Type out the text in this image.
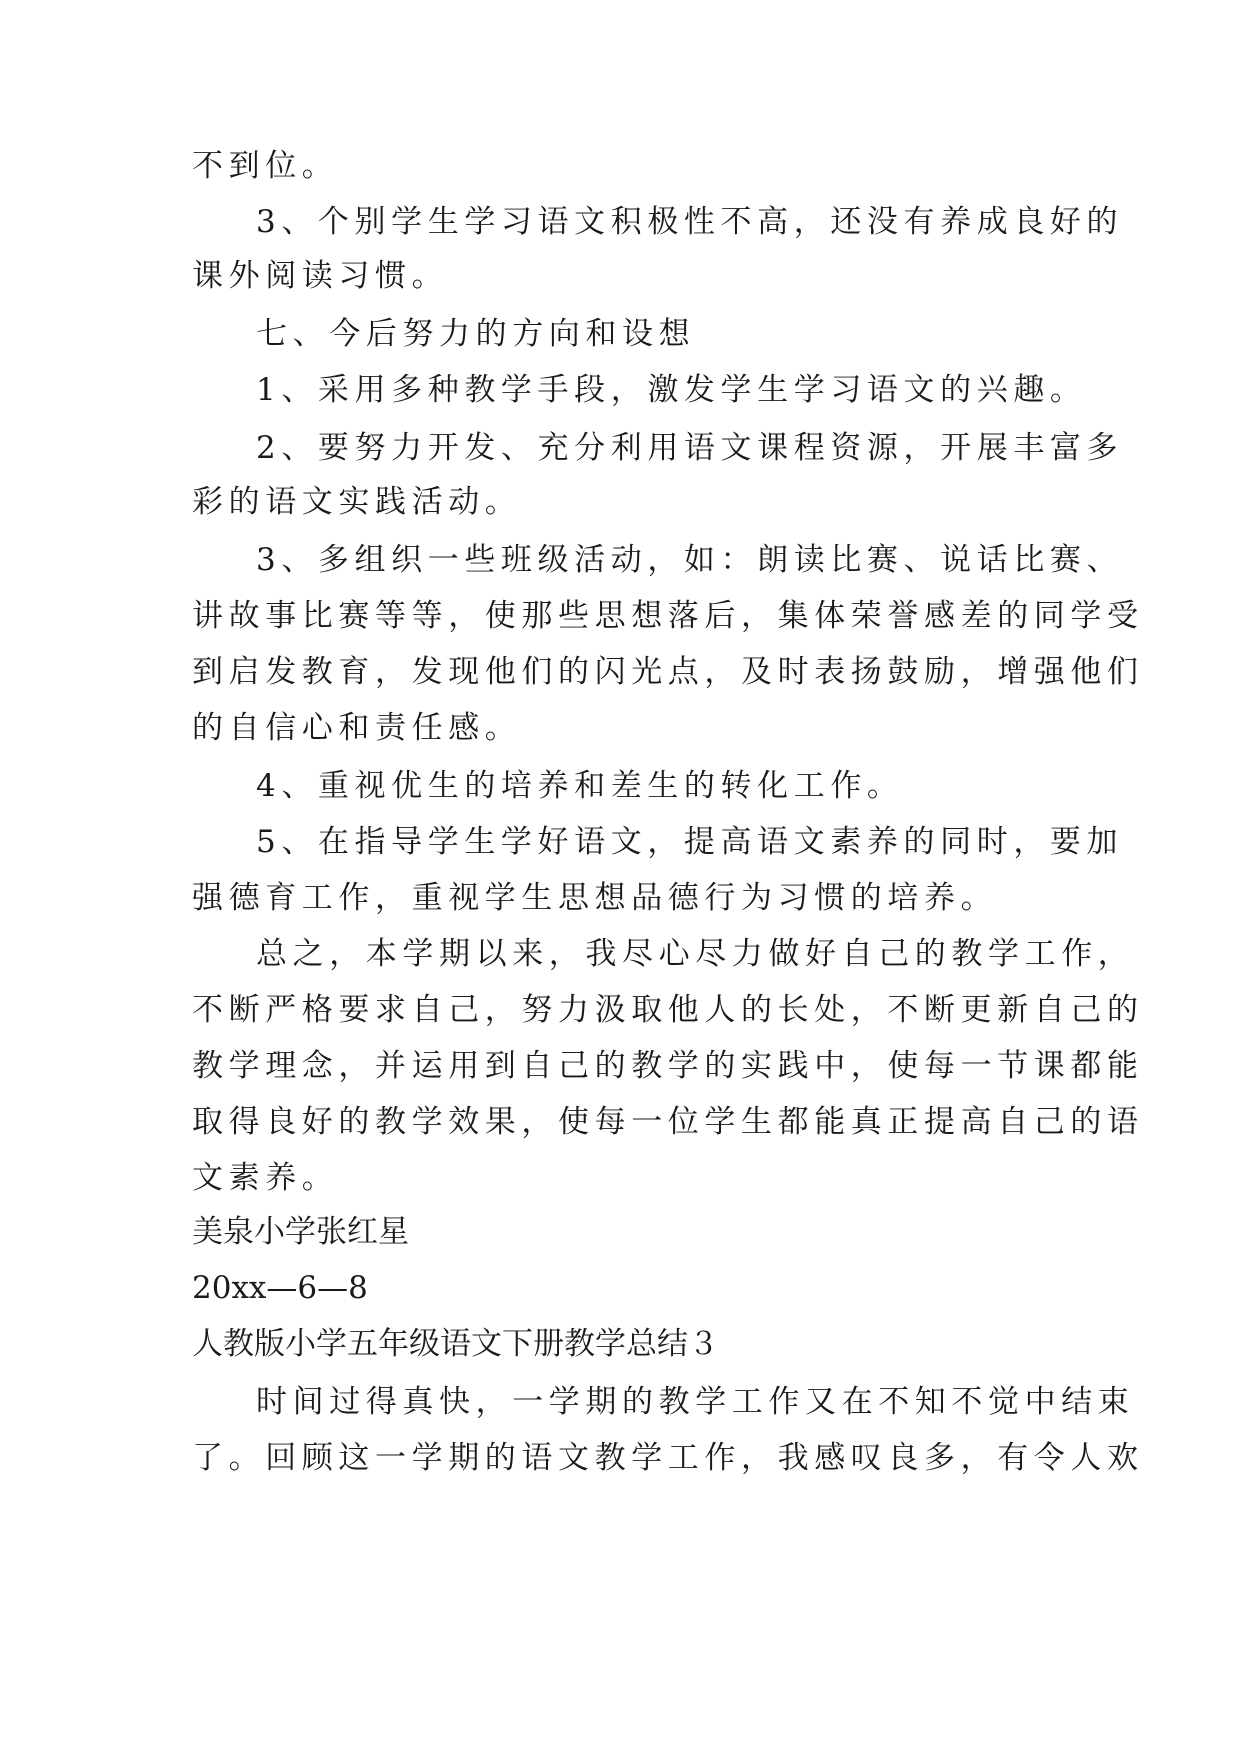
不到位。
3、个别学生学习语文积极性不高，还没有养成良好的
课外阅读习惯。
七、今后努力的方向和设想
1、采用多种教学手段，激发学生学习语文的兴趣。
2、要努力开发、充分利用语文课程资源，开展丰富多
彩的语文实践活动。
3、多组织一些班级活动，如：朗读比赛、说话比赛、
讲故事比赛等等，使那些思想落后，集体荣誉感差的同学受
到启发教育，发现他们的闪光点，及时表扬鼓励，增强他们
的自信心和责任感。
4、重视优生的培养和差生的转化工作。
5、在指导学生学好语文，提高语文素养的同时，要加
强德育工作，重视学生思想品德行为习惯的培养。
总之，本学期以来，我尽心尽力做好自己的教学工作，
不断严格要求自己，努力汲取他人的长处，不断更新自己的
教学理念，并运用到自己的教学的实践中，使每一节课都能
取得良好的教学效果，使每一位学生都能真正提高自己的语
文素养。
美泉小学张红星
20xx—6—8
人教版小学五年级语文下册教学总结３
时间过得真快，一学期的教学工作又在不知不觉中结束
了。回顾这一学期的语文教学工作，我感叹良多，有令人欢
